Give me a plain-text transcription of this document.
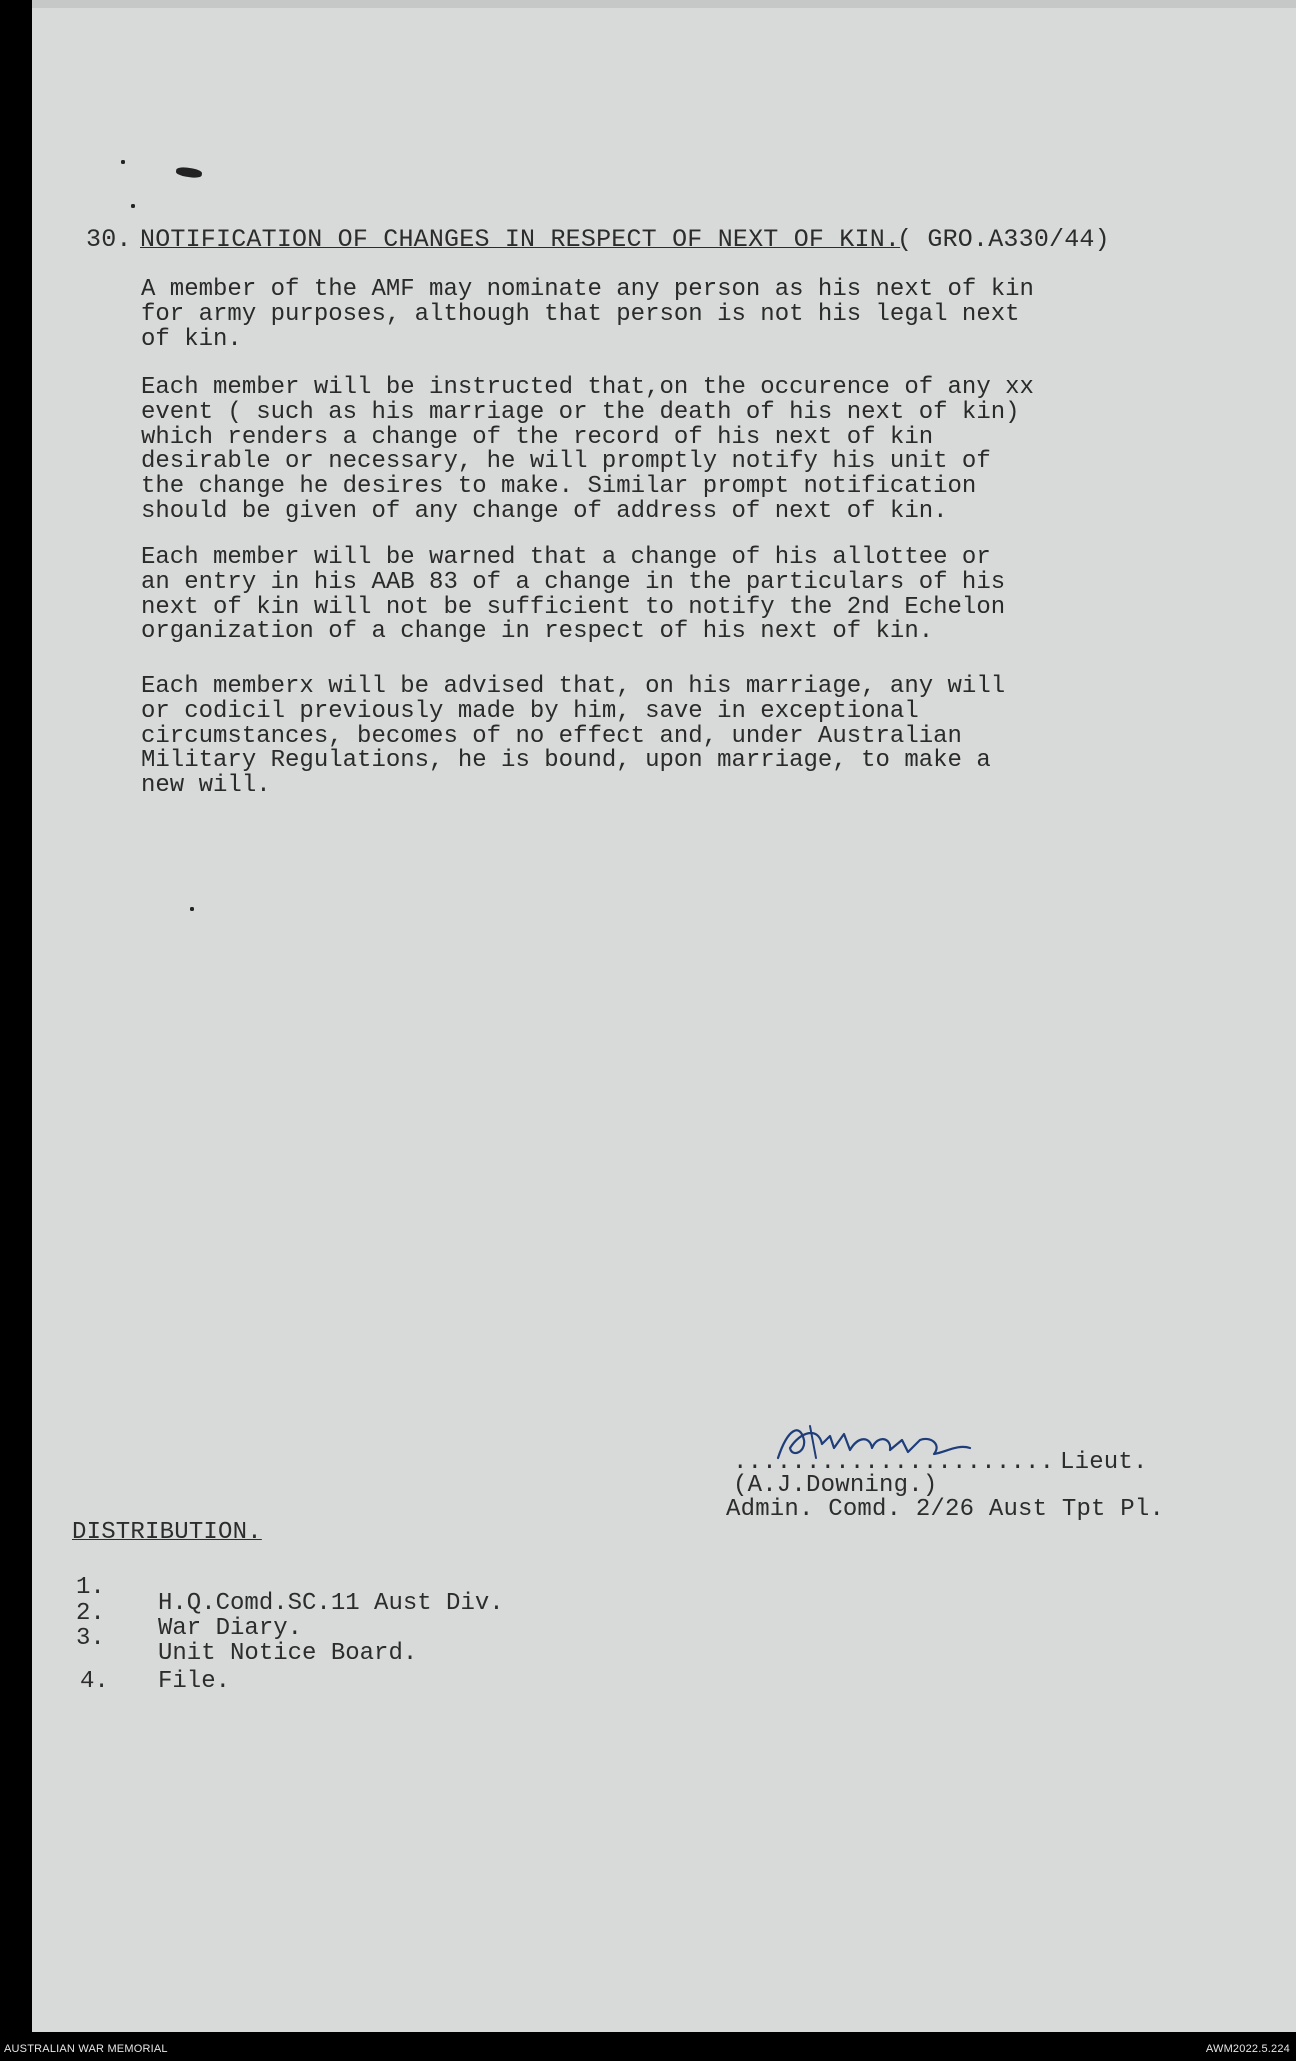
30. NOTIFICATION OF CHANGES IN RESPECT OF NEXT OF KIN.
( GRO.A330/44)
A member of the AMF may nominate any person as his next of kin
for army purposes, although that person is not his legal next
of kin.
Each member will be instructed that,on the occurence of any xx
event ( such as his marriage or the death of his next of kin)
which renders a change of the record of his next of kin
desirable or necessary, he will promptly notify his unit of
the change he desires to make. Similar prompt notification
should be given of any change of address of next of kin.
Each member will be warned that a change of his allottee or
an entry in his AAB 83 of a change in the particulars of his
next of kin will not be sufficient to notify the 2nd Echelon
organization of a change in respect of his next of kin.
Each memberx will be advised that, on his marriage, any will
or codicil previously made by him, save in exceptional
circumstances, becomes of no effect and, under Australian
Military Regulations, he is bound, upon marriage, to make a
new will.
...................... Lieut.
(A.J.Downing.)
Admin. Comd. 2/26 Aust Tpt Pl.
DISTRIBUTION.
1.
2.
3.
4.
H.Q.Comd.SC.11 Aust Div.
War Diary.
Unit Notice Board.
File.
AUSTRALIAN WAR MEMORIAL	AWM2022.5.224
